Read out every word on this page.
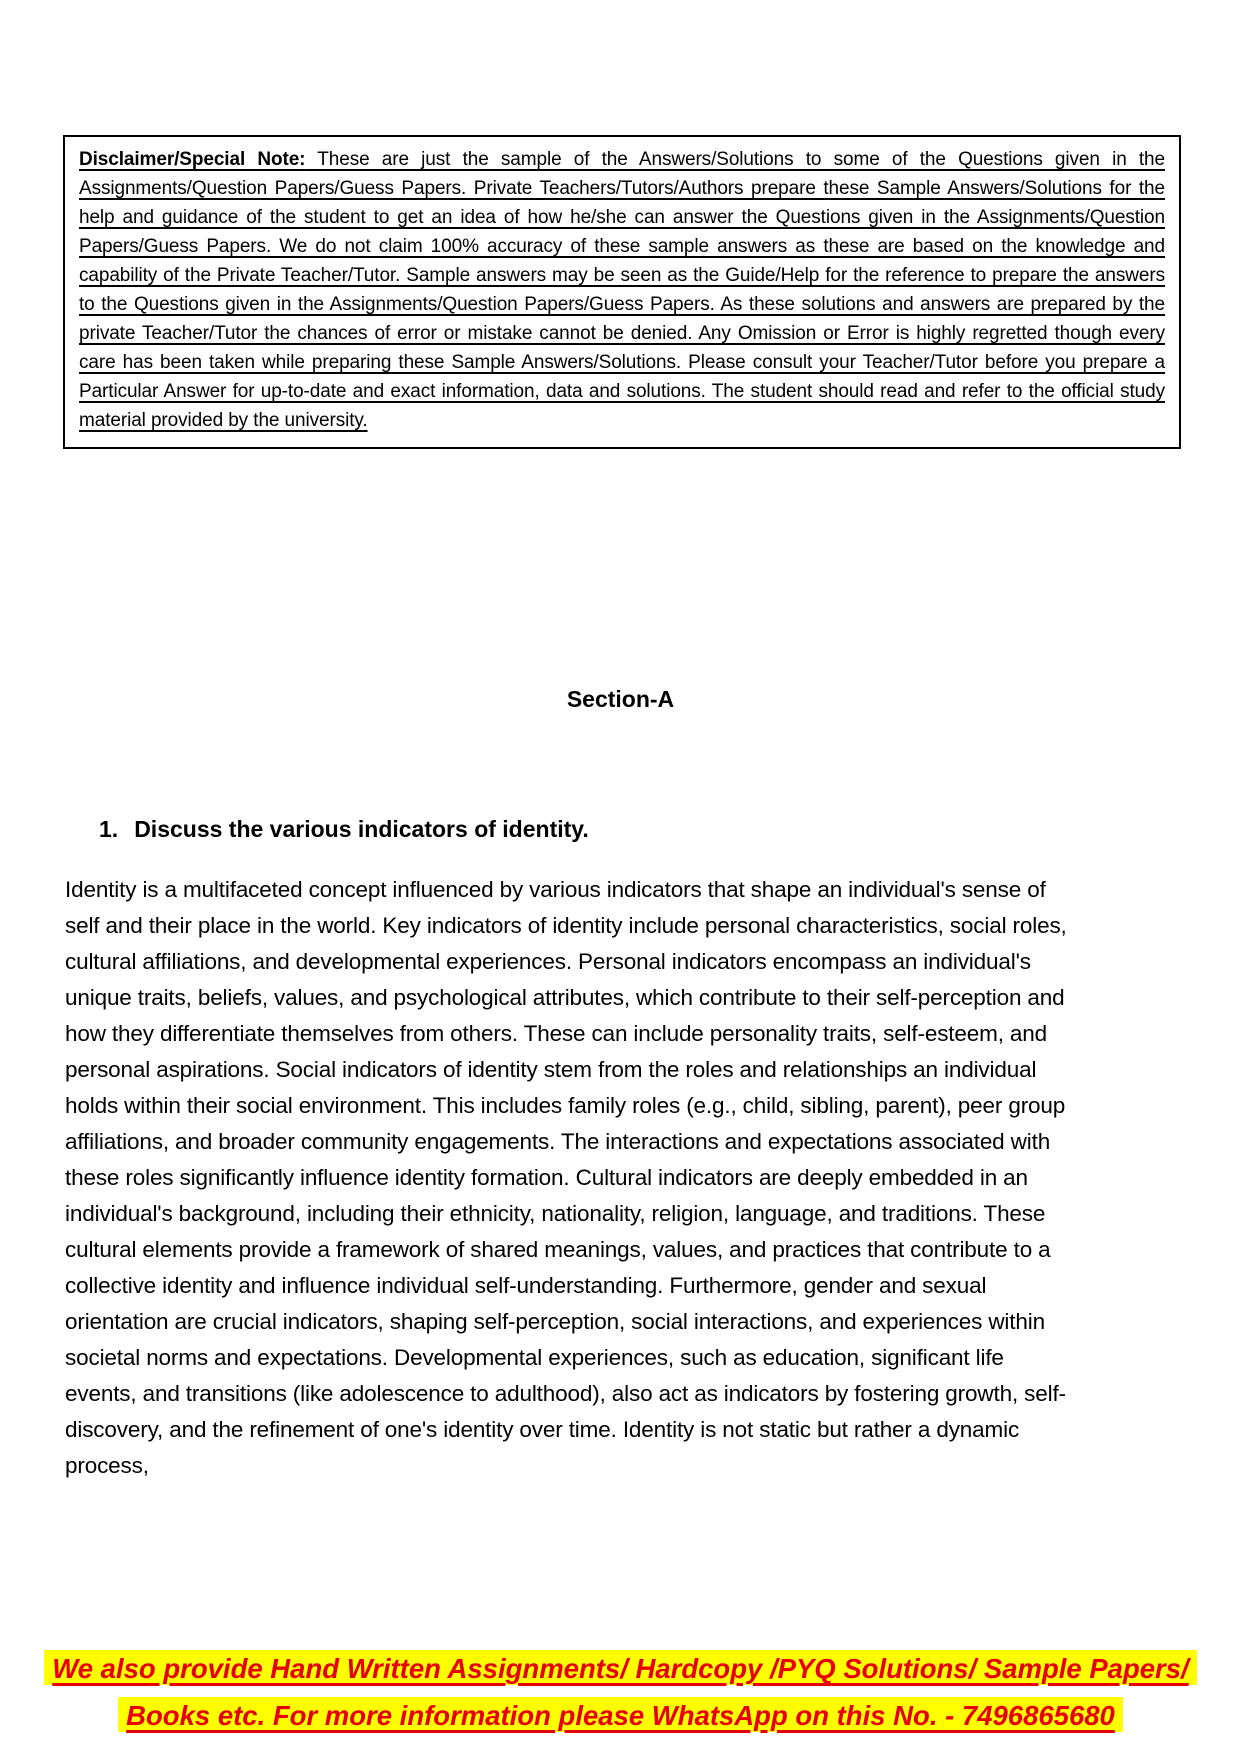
Disclaimer/Special Note: These are just the sample of the Answers/Solutions to some of the Questions given in the Assignments/Question Papers/Guess Papers. Private Teachers/Tutors/Authors prepare these Sample Answers/Solutions for the help and guidance of the student to get an idea of how he/she can answer the Questions given in the Assignments/Question Papers/Guess Papers. We do not claim 100% accuracy of these sample answers as these are based on the knowledge and capability of the Private Teacher/Tutor. Sample answers may be seen as the Guide/Help for the reference to prepare the answers to the Questions given in the Assignments/Question Papers/Guess Papers. As these solutions and answers are prepared by the private Teacher/Tutor the chances of error or mistake cannot be denied. Any Omission or Error is highly regretted though every care has been taken while preparing these Sample Answers/Solutions. Please consult your Teacher/Tutor before you prepare a Particular Answer for up-to-date and exact information, data and solutions. The student should read and refer to the official study material provided by the university.

Section-A
1. Discuss the various indicators of identity.
Identity is a multifaceted concept influenced by various indicators that shape an individual's sense of self and their place in the world. Key indicators of identity include personal characteristics, social roles, cultural affiliations, and developmental experiences. Personal indicators encompass an individual's unique traits, beliefs, values, and psychological attributes, which contribute to their self-perception and how they differentiate themselves from others. These can include personality traits, self-esteem, and personal aspirations. Social indicators of identity stem from the roles and relationships an individual holds within their social environment. This includes family roles (e.g., child, sibling, parent), peer group affiliations, and broader community engagements. The interactions and expectations associated with these roles significantly influence identity formation. Cultural indicators are deeply embedded in an individual's background, including their ethnicity, nationality, religion, language, and traditions. These cultural elements provide a framework of shared meanings, values, and practices that contribute to a collective identity and influence individual self-understanding. Furthermore, gender and sexual orientation are crucial indicators, shaping self-perception, social interactions, and experiences within societal norms and expectations. Developmental experiences, such as education, significant life events, and transitions (like adolescence to adulthood), also act as indicators by fostering growth, self-discovery, and the refinement of one's identity over time. Identity is not static but rather a dynamic process,
We also provide Hand Written Assignments/ Hardcopy /PYQ Solutions/ Sample Papers/
Books etc. For more information please WhatsApp on this No. - 7496865680
